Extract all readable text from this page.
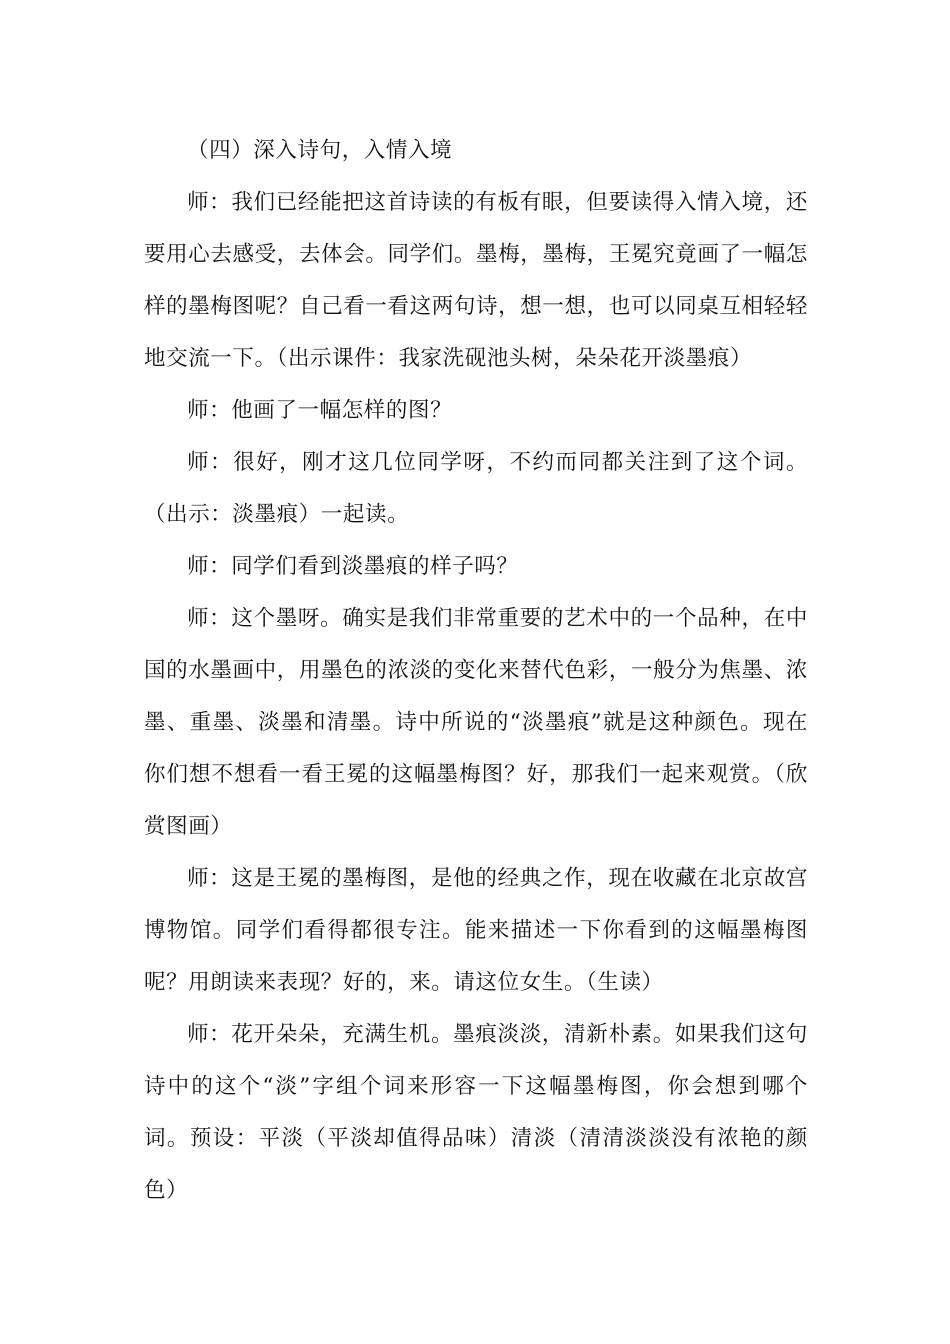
（四）深入诗句，入情入境

师：我们已经能把这首诗读的有板有眼，但要读得入情入境，还要用心去感受，去体会。同学们。墨梅，墨梅，王冕究竟画了一幅怎样的墨梅图呢？自己看一看这两句诗，想一想，也可以同桌互相轻轻地交流一下。（出示课件：我家洗砚池头树，朵朵花开淡墨痕）

师：他画了一幅怎样的图？

师：很好，刚才这几位同学呀，不约而同都关注到了这个词。（出示：淡墨痕）一起读。

师：同学们看到淡墨痕的样子吗？

师：这个墨呀。确实是我们非常重要的艺术中的一个品种，在中国的水墨画中，用墨色的浓淡的变化来替代色彩，一般分为焦墨、浓墨、重墨、淡墨和清墨。诗中所说的“淡墨痕”就是这种颜色。现在你们想不想看一看王冕的这幅墨梅图？好，那我们一起来观赏。（欣赏图画）

师：这是王冕的墨梅图，是他的经典之作，现在收藏在北京故宫博物馆。同学们看得都很专注。能来描述一下你看到的这幅墨梅图呢？用朗读来表现？好的，来。请这位女生。（生读）

师：花开朵朵，充满生机。墨痕淡淡，清新朴素。如果我们这句诗中的这个“淡”字组个词来形容一下这幅墨梅图，你会想到哪个词。预设：平淡（平淡却值得品味）清淡（清清淡淡没有浓艳的颜色）
